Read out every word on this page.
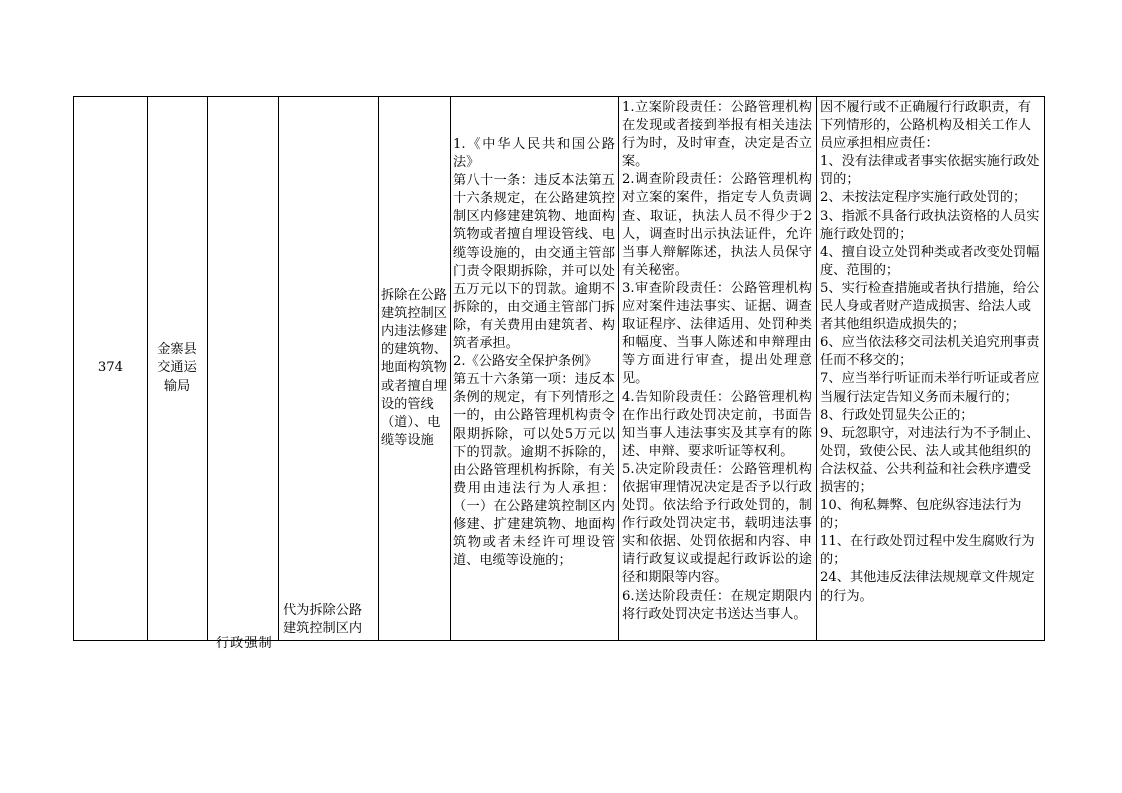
374
金寨县交通运输局
行政强制
代为拆除公路建筑控制区内
拆除在公路建筑控制区内违法修建的建筑物、地面构筑物或者擅自埋设的管线（道）、电缆等设施
1.《中华人民共和国公路法》
第八十一条：违反本法第五十六条规定，在公路建筑控制区内修建建筑物、地面构筑物或者擅自埋设管线、电缆等设施的，由交通主管部门责令限期拆除，并可以处五万元以下的罚款。逾期不拆除的，由交通主管部门拆除，有关费用由建筑者、构筑者承担。
2.《公路安全保护条例》
第五十六条第一项：违反本条例的规定，有下列情形之一的，由公路管理机构责令限期拆除，可以处5万元以下的罚款。逾期不拆除的，由公路管理机构拆除，有关费用由违法行为人承担：（一）在公路建筑控制区内修建、扩建建筑物、地面构筑物或者未经许可埋设管道、电缆等设施的；
1.立案阶段责任：公路管理机构在发现或者接到举报有相关违法行为时，及时审查，决定是否立案。
2.调查阶段责任：公路管理机构对立案的案件，指定专人负责调查、取证，执法人员不得少于2人，调查时出示执法证件，允许当事人辩解陈述，执法人员保守有关秘密。
3.审查阶段责任：公路管理机构应对案件违法事实、证据、调查取证程序、法律适用、处罚种类和幅度、当事人陈述和申辩理由等方面进行审查，提出处理意见。
4.告知阶段责任：公路管理机构在作出行政处罚决定前，书面告知当事人违法事实及其享有的陈述、申辩、要求听证等权利。
5.决定阶段责任：公路管理机构依据审理情况决定是否予以行政处罚。依法给予行政处罚的，制作行政处罚决定书，载明违法事实和依据、处罚依据和内容、申请行政复议或提起行政诉讼的途径和期限等内容。
6.送达阶段责任：在规定期限内将行政处罚决定书送达当事人。
因不履行或不正确履行行政职责，有下列情形的，公路机构及相关工作人员应承担相应责任：
1、没有法律或者事实依据实施行政处罚的；
2、未按法定程序实施行政处罚的；
3、指派不具备行政执法资格的人员实施行政处罚的；
4、擅自设立处罚种类或者改变处罚幅度、范围的；
5、实行检查措施或者执行措施，给公民人身或者财产造成损害、给法人或者其他组织造成损失的；
6、应当依法移交司法机关追究刑事责任而不移交的；
7、应当举行听证而未举行听证或者应当履行法定告知义务而未履行的；
8、行政处罚显失公正的；
9、玩忽职守，对违法行为不予制止、处罚，致使公民、法人或其他组织的合法权益、公共利益和社会秩序遭受损害的；
10、徇私舞弊、包庇纵容违法行为的；
11、在行政处罚过程中发生腐败行为的；
24、其他违反法律法规规章文件规定的行为。
